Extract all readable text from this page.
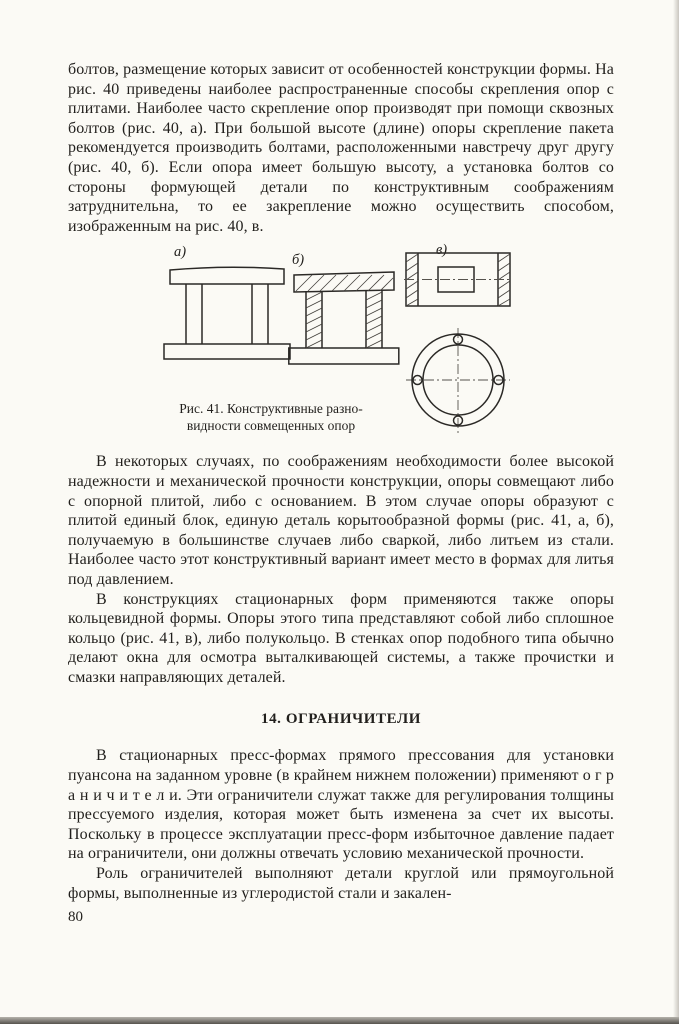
болтов, размещение которых зависит от особенностей конструкции формы. На рис. 40 приведены наиболее распространенные способы скрепления опор с плитами. Наиболее часто скрепление опор производят при помощи сквозных болтов (рис. 40, а). При большой высоте (длине) опоры скрепление пакета рекомендуется производить болтами, расположенными навстречу друг другу (рис. 40, б). Если опора имеет большую высоту, а установка болтов со стороны формующей детали по конструктивным соображениям затруднительна, то ее закрепление можно осуществить способом, изображенным на рис. 40, в.

а)	б)
в)
Рис. 41. Конструктивные разно-
видности совмещенных опор

В некоторых случаях, по соображениям необходимости более высокой надежности и механической прочности конструкции, опоры совмещают либо с опорной плитой, либо с основанием. В этом случае опоры образуют с плитой единый блок, единую деталь корытообразной формы (рис. 41, а, б), получаемую в большинстве случаев либо сваркой, либо литьем из стали. Наиболее часто этот конструктивный вариант имеет место в формах для литья под давлением.

В конструкциях стационарных форм применяются также опоры кольцевидной формы. Опоры этого типа представляют собой либо сплошное кольцо (рис. 41, в), либо полукольцо. В стенках опор подобного типа обычно делают окна для осмотра выталкивающей системы, а также прочистки и смазки направляющих деталей.

14. ОГРАНИЧИТЕЛИ

В стационарных пресс-формах прямого прессования для установки пуансона на заданном уровне (в крайнем нижнем положении) применяют о г р а н и ч и т е л и. Эти ограничители служат также для регулирования толщины прессуемого изделия, которая может быть изменена за счет их высоты. Поскольку в процессе эксплуатации пресс-форм избыточное давление падает на ограничители, они должны отвечать условию механической прочности.

Роль ограничителей выполняют детали круглой или прямоугольной формы, выполненные из углеродистой стали и закален-

80
